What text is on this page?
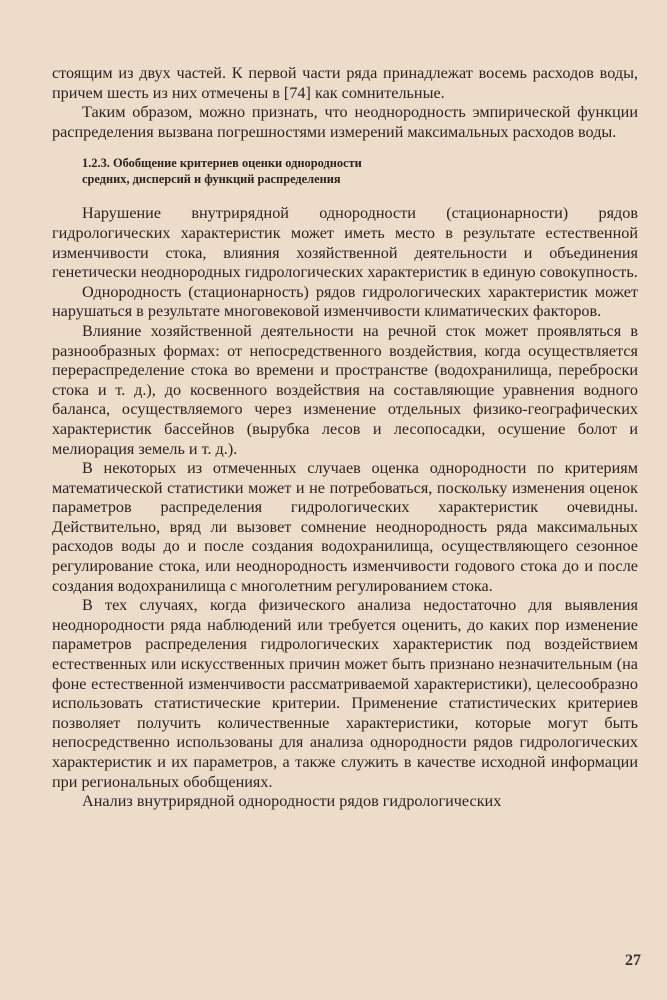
стоящим из двух частей. К первой части ряда принадлежат восемь расходов воды, причем шесть из них отмечены в [74] как сомнительные.

Таким образом, можно признать, что неоднородность эмпирической функции распределения вызвана погрешностями измерений максимальных расходов воды.

1.2.3. Обобщение критериев оценки однородности
средних, дисперсий и функций распределения

Нарушение внутрирядной однородности (стационарности) рядов гидрологических характеристик может иметь место в результате естественной изменчивости стока, влияния хозяйственной деятельности и объединения генетически неоднородных гидрологических характеристик в единую совокупность.

Однородность (стационарность) рядов гидрологических характеристик может нарушаться в результате многовековой изменчивости климатических факторов.

Влияние хозяйственной деятельности на речной сток может проявляться в разнообразных формах: от непосредственного воздействия, когда осуществляется перераспределение стока во времени и пространстве (водохранилища, переброски стока и т. д.), до косвенного воздействия на составляющие уравнения водного баланса, осуществляемого через изменение отдельных физико-географических характеристик бассейнов (вырубка лесов и лесопосадки, осушение болот и мелиорация земель и т. д.).

В некоторых из отмеченных случаев оценка однородности по критериям математической статистики может и не потребоваться, поскольку изменения оценок параметров распределения гидрологических характеристик очевидны. Действительно, вряд ли вызовет сомнение неоднородность ряда максимальных расходов воды до и после создания водохранилища, осуществляющего сезонное регулирование стока, или неоднородность изменчивости годового стока до и после создания водохранилища с многолетним регулированием стока.

В тех случаях, когда физического анализа недостаточно для выявления неоднородности ряда наблюдений или требуется оценить, до каких пор изменение параметров распределения гидрологических характеристик под воздействием естественных или искусственных причин может быть признано незначительным (на фоне естественной изменчивости рассматриваемой характеристики), целесообразно использовать статистические критерии. Применение статистических критериев позволяет получить количественные характеристики, которые могут быть непосредственно использованы для анализа однородности рядов гидрологических характеристик и их параметров, а также служить в качестве исходной информации при региональных обобщениях.

Анализ внутрирядной однородности рядов гидрологических

27
